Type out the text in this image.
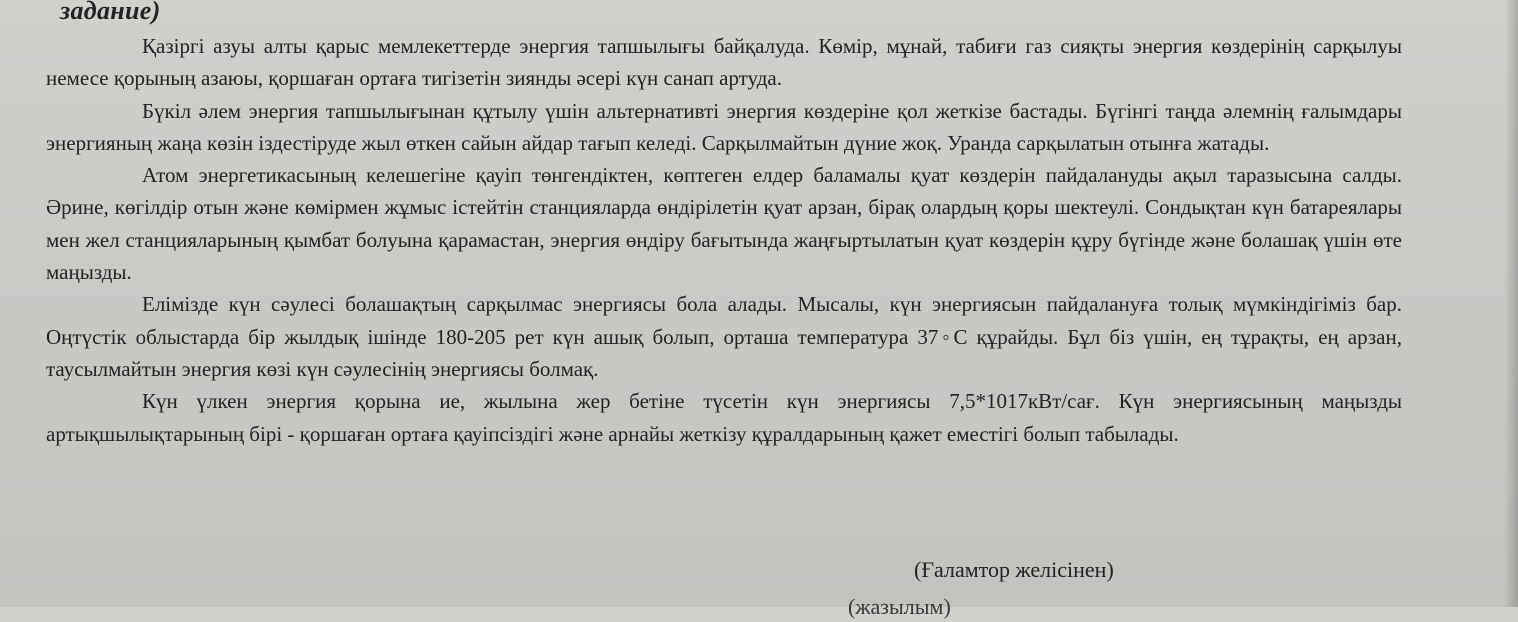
задание)

Қазіргі азуы алты қарыс мемлекеттерде энергия тапшылығы байқалуда. Көмір, мұнай, табиғи газ сияқты энергия көздерінің сарқылуы немесе қорының азаюы, қоршаған ортаға тигізетін зиянды әсері күн санап артуда.

Бүкіл әлем энергия тапшылығынан құтылу үшін альтернативті энергия көздеріне қол жеткізе бастады. Бүгінгі таңда әлемнің ғалымдары энергияның жаңа көзін іздестіруде жыл өткен сайын айдар тағып келеді. Сарқылмайтын дүние жоқ. Уранда сарқылатын отынға жатады.

Атом энергетикасының келешегіне қауіп төнгендіктен, көптеген елдер баламалы қуат көздерін пайдалануды ақыл таразысына салды. Әрине, көгілдір отын және көмірмен жұмыс істейтін станцияларда өндірілетін қуат арзан, бірақ олардың қоры шектеулі. Сондықтан күн батареялары мен жел станцияларының қымбат болуына қарамастан, энергия өндіру бағытында жаңғыртылатын қуат көздерін құру бүгінде және болашақ үшін өте маңызды.

Елімізде күн сәулесі болашақтың сарқылмас энергиясы бола алады. Мысалы, күн энергиясын пайдалануға толық мүмкіндігіміз бар. Оңтүстік облыстарда бір жылдық ішінде 180-205 рет күн ашық болып, орташа температура 37◦С құрайды. Бұл біз үшін, ең тұрақты, ең арзан, таусылмайтын энергия көзі күн сәулесінің энергиясы болмақ.

Күн үлкен энергия қорына ие, жылына жер бетіне түсетін күн энергиясы 7,5*1017кВт/сағ. Күн энергиясының маңызды артықшылықтарының бірі - қоршаған ортаға қауіпсіздігі және арнайы жеткізу құралдарының қажет еместігі болып табылады.

(Ғаламтор желісінен)
(жазылым)
